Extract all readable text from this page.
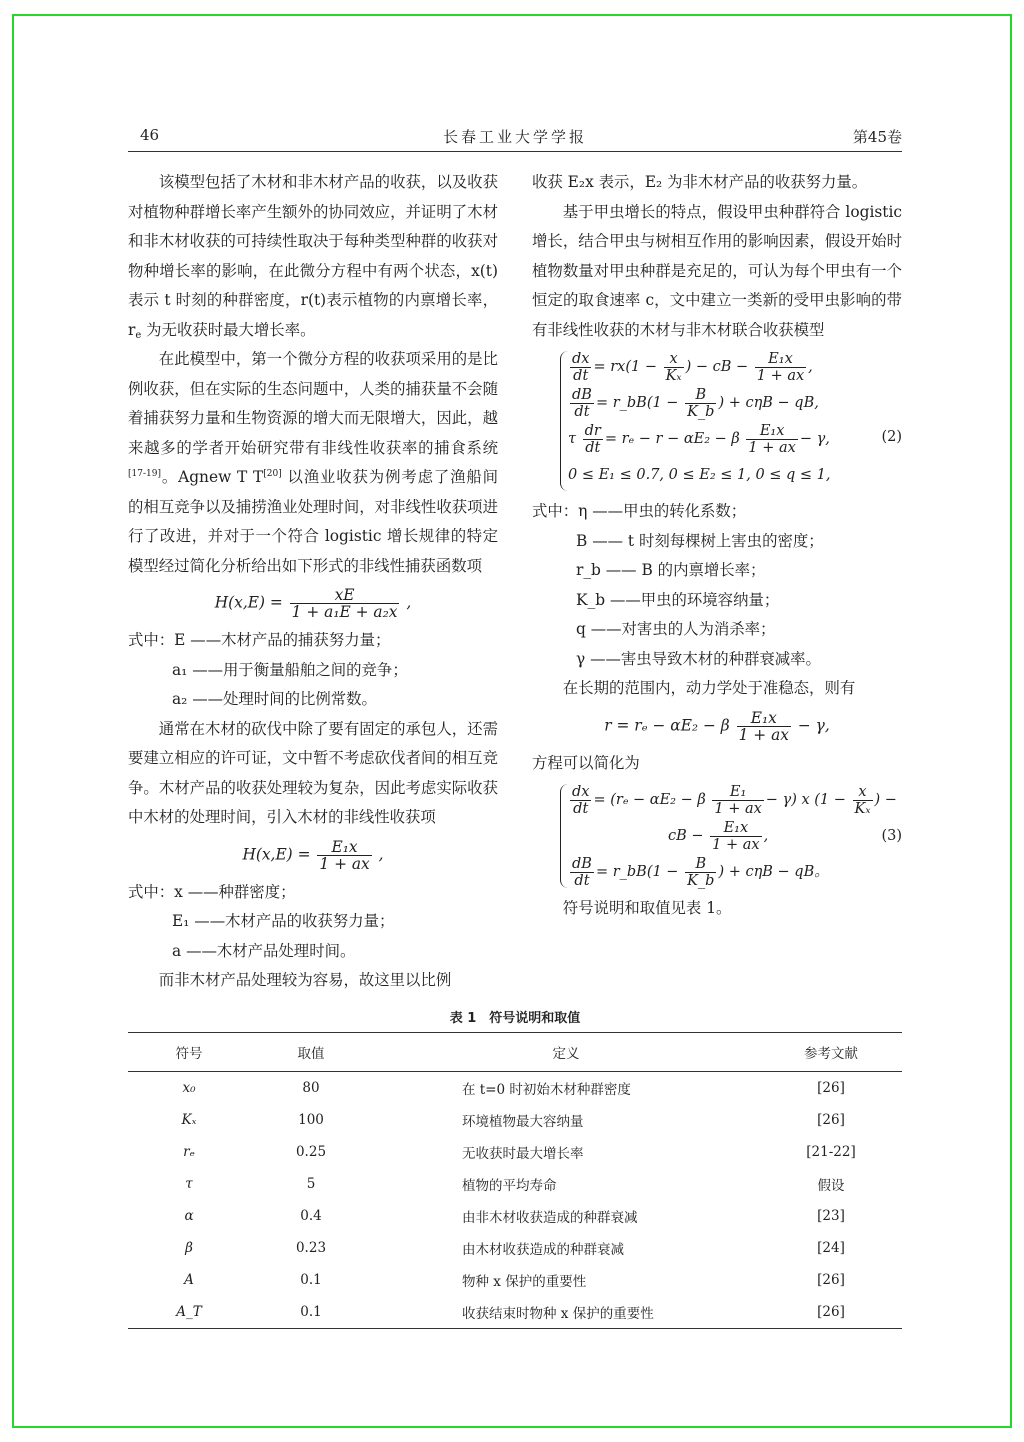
46	长春工业大学学报	第45卷

该模型包括了木材和非木材产品的收获，以及收获对植物种群增长率产生额外的协同效应，并证明了木材和非木材收获的可持续性取决于每种类型种群的收获对物种增长率的影响，在此微分方程中有两个状态，x(t)表示 t 时刻的种群密度，r(t)表示植物的内禀增长率，$r_e$ 为无收获时最大增长率。

在此模型中，第一个微分方程的收获项采用的是比例收获，但在实际的生态问题中，人类的捕获量不会随着捕获努力量和生物资源的增大而无限增大，因此，越来越多的学者开始研究带有非线性收获率的捕食系统[17-19]。Agnew T T[20] 以渔业收获为例考虑了渔船间的相互竞争以及捕捞渔业处理时间，对非线性收获项进行了改进，并对于一个符合 logistic 增长规律的特定模型经过简化分析给出如下形式的非线性捕获函数项

$H(x,E) = \frac{xE}{\text{1 + a₁E + a₂x}}$ ,
式中：E ——木材产品的捕获努力量；
a₁ ——用于衡量船舶之间的竞争；
a₂ ——处理时间的比例常数。

通常在木材的砍伐中除了要有固定的承包人，还需要建立相应的许可证，文中暂不考虑砍伐者间的相互竞争。木材产品的收获处理较为复杂，因此考虑实际收获中木材的处理时间，引入木材的非线性收获项

$H(x,E) = \frac{\text{E₁x}}{1 + ax}$ ,
式中：x ——种群密度；
E₁ ——木材产品的收获努力量；
a ——木材产品处理时间。

而非木材产品处理较为容易，故这里以比例

收获 E₂x 表示，E₂ 为非木材产品的收获努力量。

基于甲虫增长的特点，假设甲虫种群符合 logistic增长，结合甲虫与树相互作用的影响因素，假设开始时植物数量对甲虫种群是充足的，可认为每个甲虫有一个恒定的取食速率 c，文中建立一类新的受甲虫影响的带有非线性收获的木材与非木材联合收获模型

$\frac{dx}{dt} = rx(1 - \frac{x}{\text{Kₓ}}$ ) − cB − $\frac{\text{E₁x}}{1 + ax}$ ,
$\frac{dB}{dt}$ = r_bB(1 − $\frac{B}{K\_b}$ ) + cηB − qB,
(2)
τ $\frac{dr}{dt} = r_e - r - \alpha E_2 - \beta \frac{\text{E₁x}}{1 + ax} - \gamma$,
0 ≤ E₁ ≤ 0.7, 0 ≤ E₂ ≤ 1, 0 ≤ q ≤ 1,
式中：η ——甲虫的转化系数；
B —— t 时刻每棵树上害虫的密度；
r_b —— B 的内禀增长率；
K_b ——甲虫的环境容纳量；
q ——对害虫的人为消杀率；
γ ——害虫导致木材的种群衰减率。

在长期的范围内，动力学处于准稳态，则有

r = rₑ − αE₂ − β $\frac{\text{E₁x}}{1 + ax} - \gamma$,

方程可以简化为

$\frac{dx}{dt} = (r_e - \alpha E_2 - \beta \frac{\text{E₁}}{1 + ax} - \gamma)$ x ($1 - \frac{x}{\text{Kₓ}}$ ) −
cB − $\frac{\text{E₁x}}{1 + ax}$ ,	(3)
$\frac{dB}{dt}$ = r_bB(1 − $\frac{B}{K\_b}$ ) + cηB − qB。

符号说明和取值见表 1。

表 1　符号说明和取值
符号	取值	定义	参考文献
x₀	80	在 t=0 时初始木材种群密度	[26]
Kₓ	100	环境植物最大容纳量	[26]
rₑ	0.25	无收获时最大增长率	[21-22]
τ	5	植物的平均寿命	假设
α	0.4	由非木材收获造成的种群衰减	[23]
β	0.23	由木材收获造成的种群衰减	[24]
A	0.1	物种 x 保护的重要性	[26]
A_T	0.1	收获结束时物种 x 保护的重要性	[26]
